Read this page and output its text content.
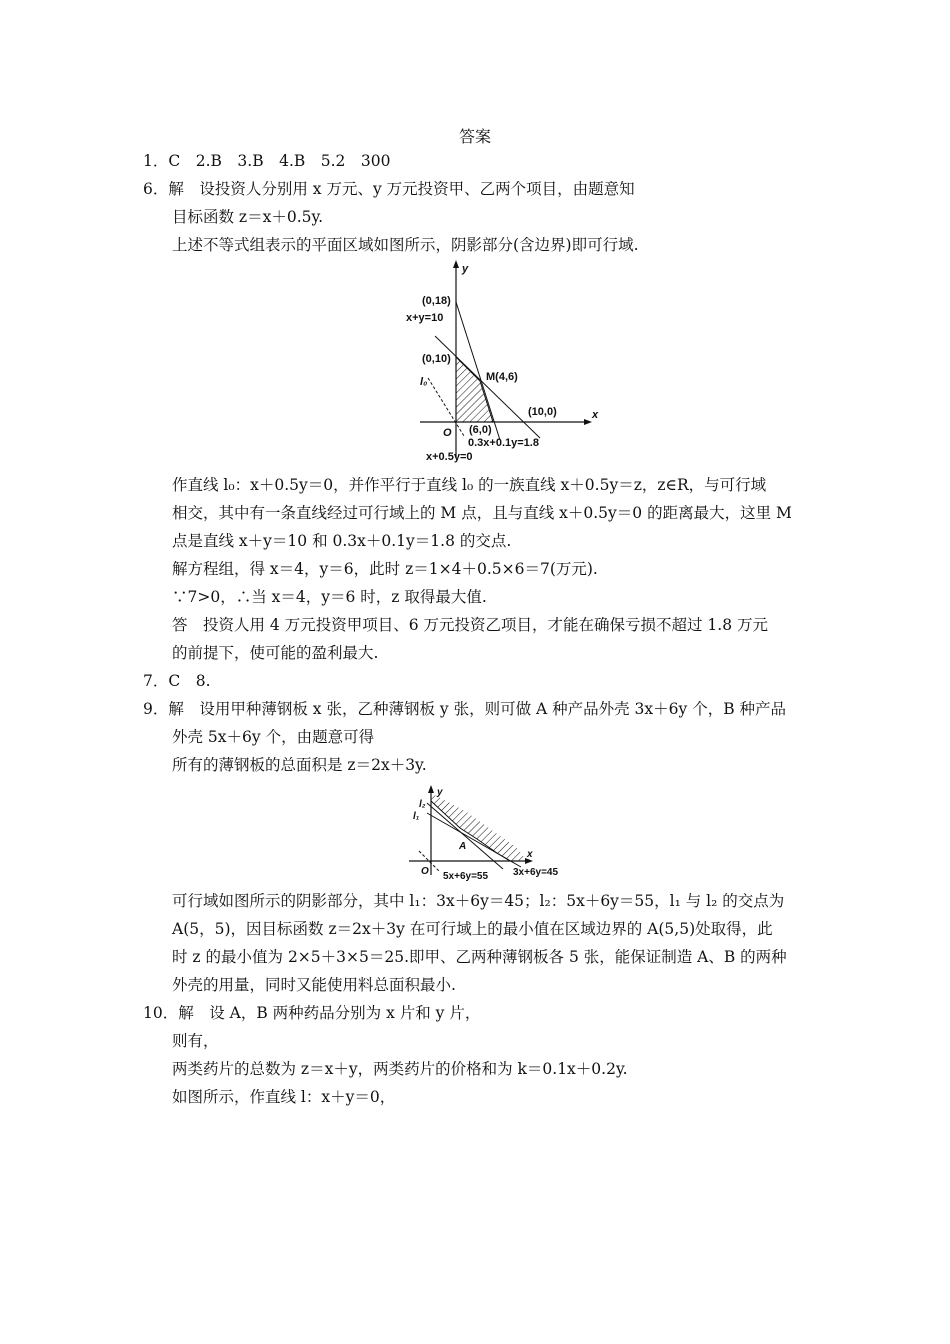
答案
1．C　2.B　3.B　4.B　5.2　300
6．解　设投资人分别用 x 万元、y 万元投资甲、乙两个项目，由题意知
目标函数 z＝x＋0.5y.
上述不等式组表示的平面区域如图所示，阴影部分(含边界)即可行域.
y
x
(0,18)
x+y=10
(0,10)
l₀	M(4,6)
(10,0)
O (6,0)
0.3x+0.1y=1.8
x+0.5y=0
作直线 l₀：x＋0.5y＝0，并作平行于直线 l₀ 的一族直线 x＋0.5y＝z，z∈R，与可行域
相交，其中有一条直线经过可行域上的 M 点，且与直线 x＋0.5y＝0 的距离最大，这里 M
点是直线 x＋y＝10 和 0.3x＋0.1y＝1.8 的交点.
解方程组，得 x＝4，y＝6，此时 z＝1×4＋0.5×6＝7(万元).
∵7>0，∴当 x＝4，y＝6 时，z 取得最大值.
答　投资人用 4 万元投资甲项目、6 万元投资乙项目，才能在确保亏损不超过 1.8 万元
的前提下，使可能的盈利最大.
7．C　8.
9．解　设用甲种薄钢板 x 张，乙种薄钢板 y 张，则可做 A 种产品外壳 3x＋6y 个，B 种产品
外壳 5x＋6y 个，由题意可得
所有的薄钢板的总面积是 z＝2x＋3y.
y
x
l₂
l₁
A
O 5x+6y=55 3x+6y=45
可行域如图所示的阴影部分，其中 l₁：3x＋6y＝45；l₂：5x＋6y＝55，l₁ 与 l₂ 的交点为
A(5，5)，因目标函数 z＝2x＋3y 在可行域上的最小值在区域边界的 A(5,5)处取得，此
时 z 的最小值为 2×5＋3×5＝25.即甲、乙两种薄钢板各 5 张，能保证制造 A、B 的两种
外壳的用量，同时又能使用料总面积最小.
10．解　设 A，B 两种药品分别为 x 片和 y 片，
则有，
两类药片的总数为 z＝x＋y，两类药片的价格和为 k＝0.1x＋0.2y.
如图所示，作直线 l：x＋y＝0，
